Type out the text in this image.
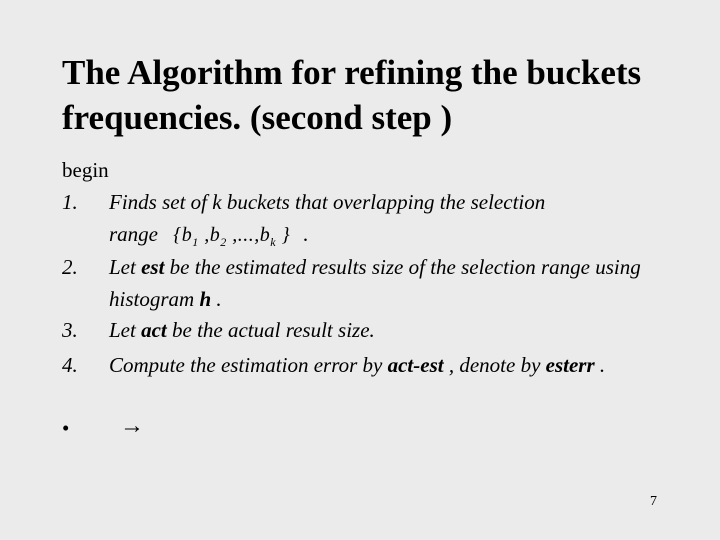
The Algorithm for refining the buckets frequencies. (second step )
begin
1. Finds set of k buckets that overlapping the selection
range {$b_1$ $,b_2$ $,...,b_k$ } .
2. Let est be the estimated results size of the selection range using histogram h .
3. Let act be the actual result size.
4. Compute the estimation error by act-est , denote by esterr .
• →
7
